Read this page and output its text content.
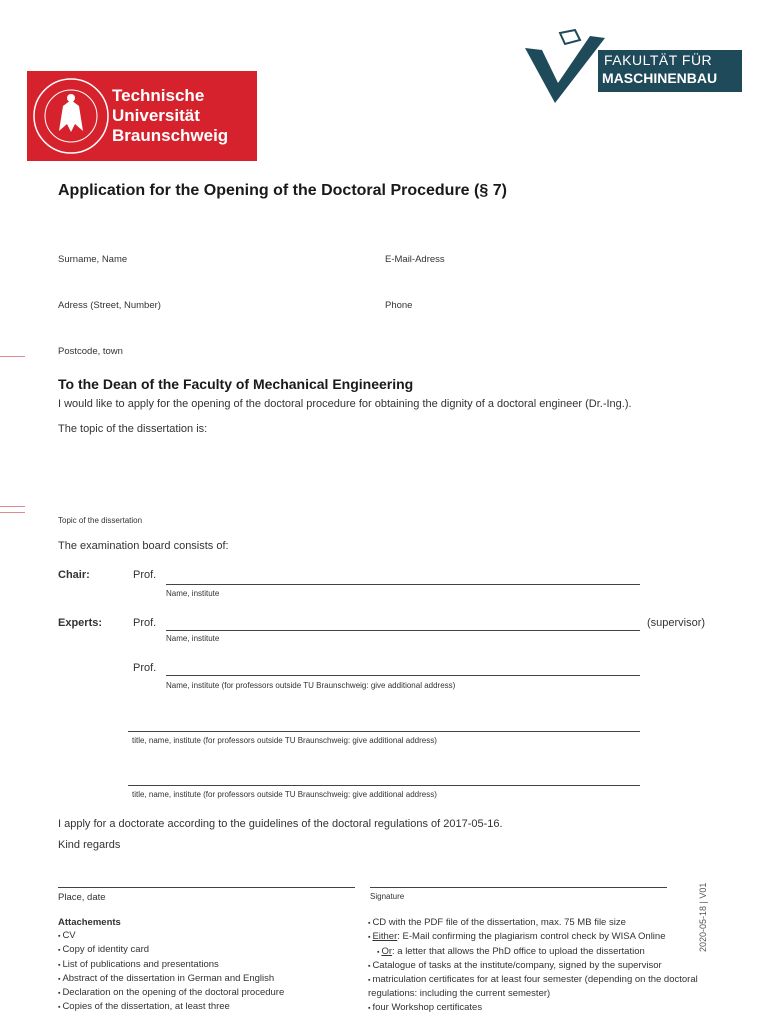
Technische
Universität
Braunschweig
FAKULTÄT FÜR
MASCHINENBAU
Application for the Opening of the Doctoral Procedure (§ 7)
Surname, Name	E-Mail-Adress
Adress (Street, Number)	Phone
Postcode, town
To the Dean of the Faculty of Mechanical Engineering
I would like to apply for the opening of the doctoral procedure for obtaining the dignity of a doctoral engineer (Dr.-Ing.).
The topic of the dissertation is:
Topic of the dissertation
The examination board consists of:
Chair:	Prof.
Name, institute
Experts:	Prof.	(supervisor)
Name, institute
Prof.
Name, institute (for professors outside TU Braunschweig: give additional address)
title, name, institute (for professors outside TU Braunschweig: give additional address)
title, name, institute (for professors outside TU Braunschweig: give additional address)
I apply for a doctorate according to the guidelines of the doctoral regulations of 2017-05-16.
Kind regards
Place, date	Signature
Attachements
▪ CV
▪ Copy of identity card
▪ List of publications and presentations
▪ Abstract of the dissertation in German and English
▪ Declaration on the opening of the doctoral procedure
▪ Copies of the dissertation, at least three
▪ CD with the PDF file of the dissertation, max. 75 MB file size
▪ Either: E-Mail confirming the plagiarism control check by WISA Online
▪ Or: a letter that allows the PhD office to upload the dissertation
▪ Catalogue of tasks at the institute/company, signed by the supervisor
▪ matriculation certificates for at least four semester (depending on the doctoral regulations: including the current semester)
▪ four Workshop certificates
2020-05-18 | V01
